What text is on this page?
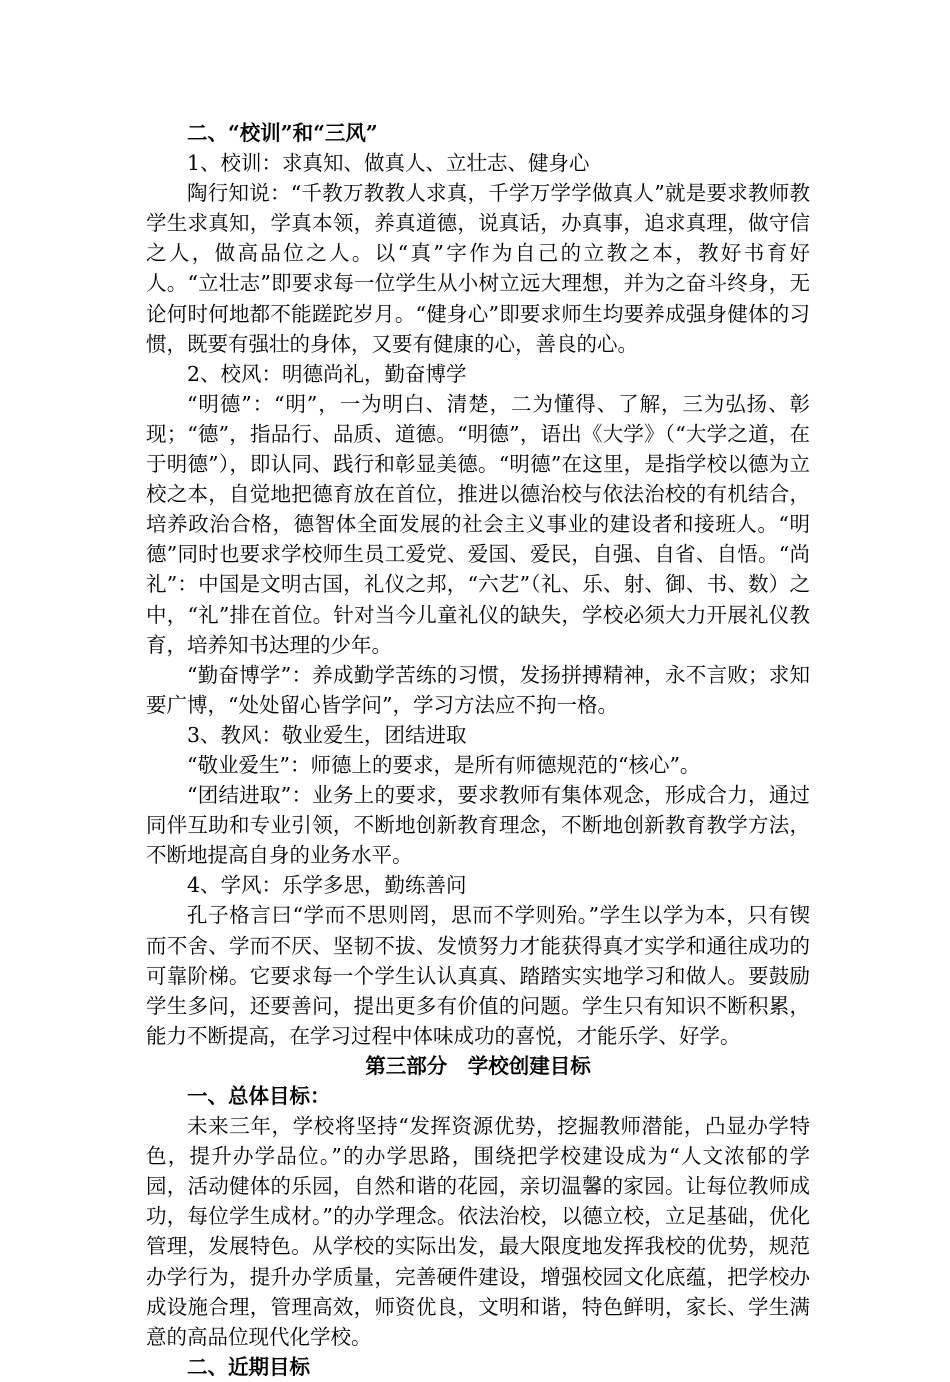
二、“校训”和“三风”

1、校训：求真知、做真人、立壮志、健身心

陶行知说：“千教万教教人求真，千学万学学做真人”就是要求教师教学生求真知，学真本领，养真道德，说真话，办真事，追求真理，做守信之人，做高品位之人。以“真”字作为自己的立教之本，教好书育好人。“立壮志”即要求每一位学生从小树立远大理想，并为之奋斗终身，无论何时何地都不能蹉跎岁月。“健身心”即要求师生均要养成强身健体的习惯，既要有强壮的身体，又要有健康的心，善良的心。

2、校风：明德尚礼，勤奋博学

“明德”：“明”，一为明白、清楚，二为懂得、了解，三为弘扬、彰现；“德”，指品行、品质、道德。“明德”，语出《大学》（“大学之道，在于明德”），即认同、践行和彰显美德。“明德”在这里，是指学校以德为立校之本，自觉地把德育放在首位，推进以德治校与依法治校的有机结合，培养政治合格，德智体全面发展的社会主义事业的建设者和接班人。“明德”同时也要求学校师生员工爱党、爱国、爱民，自强、自省、自悟。“尚礼”：中国是文明古国，礼仪之邦，“六艺”（礼、乐、射、御、书、数）之中，“礼”排在首位。针对当今儿童礼仪的缺失，学校必须大力开展礼仪教育，培养知书达理的少年。

“勤奋博学”：养成勤学苦练的习惯，发扬拼搏精神，永不言败；求知要广博，“处处留心皆学问”，学习方法应不拘一格。

3、教风：敬业爱生，团结进取

“敬业爱生”：师德上的要求，是所有师德规范的“核心”。

“团结进取”：业务上的要求，要求教师有集体观念，形成合力，通过同伴互助和专业引领，不断地创新教育理念，不断地创新教育教学方法，不断地提高自身的业务水平。

4、学风：乐学多思，勤练善问

孔子格言曰“学而不思则罔，思而不学则殆。”学生以学为本，只有锲而不舍、学而不厌、坚韧不拔、发愤努力才能获得真才实学和通往成功的可靠阶梯。它要求每一个学生认认真真、踏踏实实地学习和做人。要鼓励学生多问，还要善问，提出更多有价值的问题。学生只有知识不断积累，能力不断提高，在学习过程中体味成功的喜悦，才能乐学、好学。

第三部分　学校创建目标

一、总体目标：

未来三年，学校将坚持“发挥资源优势，挖掘教师潜能，凸显办学特色，提升办学品位。”的办学思路，围绕把学校建设成为“人文浓郁的学园，活动健体的乐园，自然和谐的花园，亲切温馨的家园。让每位教师成功，每位学生成材。”的办学理念。依法治校，以德立校，立足基础，优化管理，发展特色。从学校的实际出发，最大限度地发挥我校的优势，规范办学行为，提升办学质量，完善硬件建设，增强校园文化底蕴，把学校办成设施合理，管理高效，师资优良，文明和谐，特色鲜明，家长、学生满意的高品位现代化学校。

二、近期目标
